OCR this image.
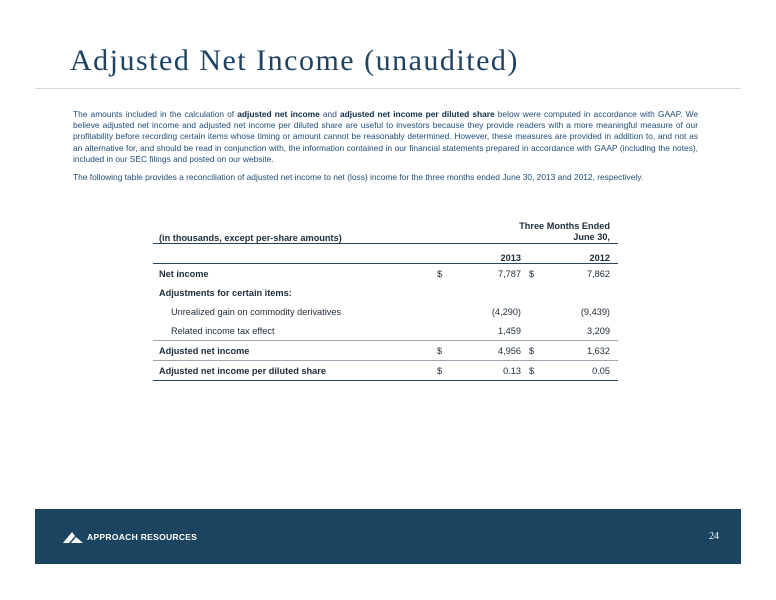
Adjusted Net Income (unaudited)

The amounts included in the calculation of adjusted net income and adjusted net income per diluted share below were computed in accordance with GAAP. We believe adjusted net income and adjusted net income per diluted share are useful to investors because they provide readers with a more meaningful measure of our profitability before recording certain items whose timing or amount cannot be reasonably determined. However, these measures are provided in addition to, and not as an alternative for, and should be read in conjunction with, the information contained in our financial statements prepared in accordance with GAAP (including the notes), included in our SEC filings and posted on our website.

The following table provides a reconciliation of adjusted net income to net (loss) income for the three months ended June 30, 2013 and 2012, respectively.

(in thousands, except per-share amounts)	Three Months Ended
June 30,			

	2013		2012	
Net income	$	7,787	$	7,862
Adjustments for certain items:				
Unrealized gain on commodity derivatives		(4,290)		(9,439)
Related income tax effect		1,459		3,209
Adjusted net income	$	4,956	$	1,632
Adjusted net income per diluted share	$	0.13	$	0.05
APPROACH RESOURCES	24
